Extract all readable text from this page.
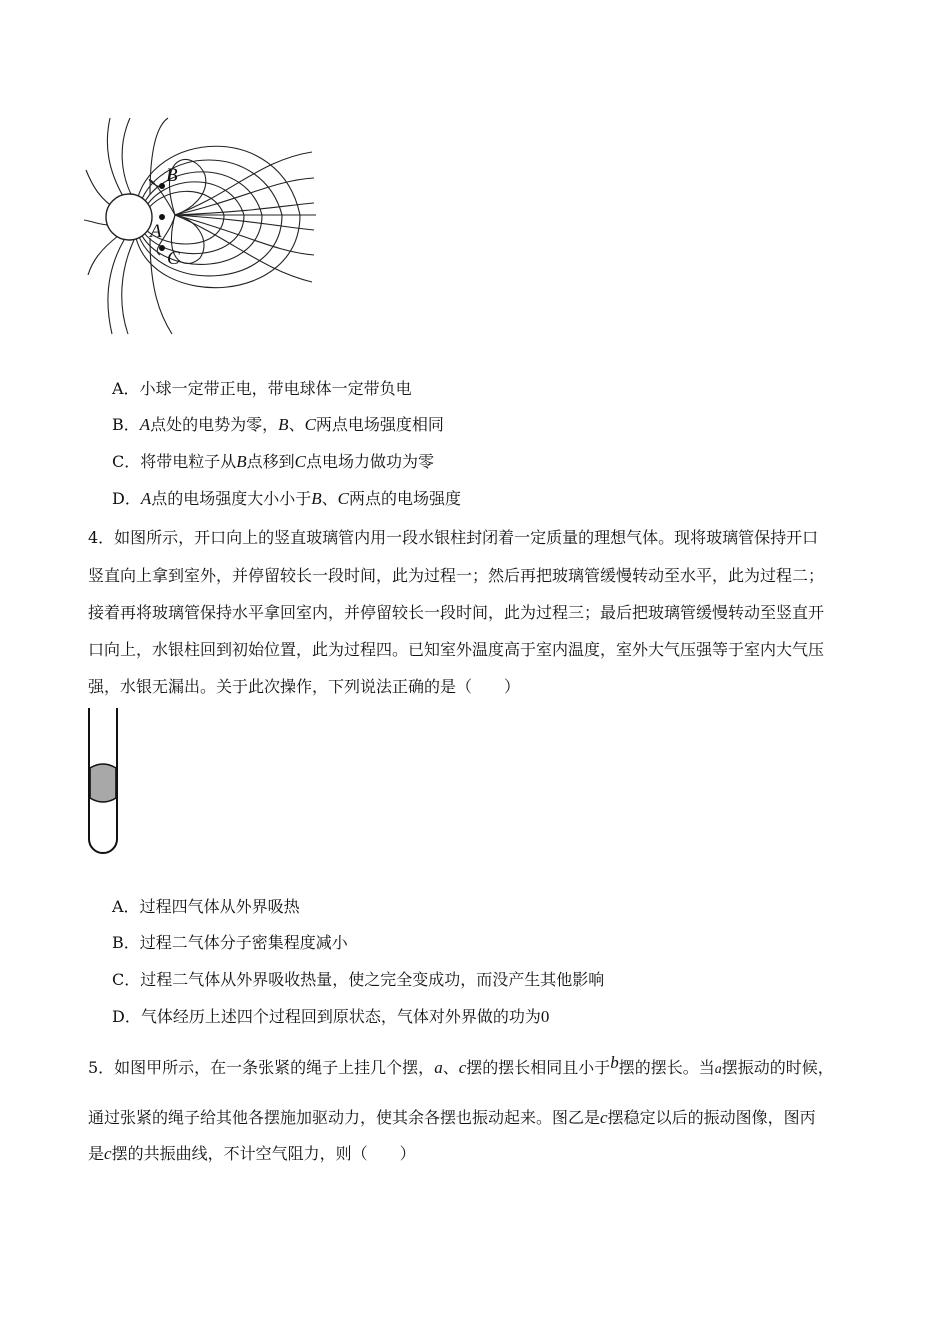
B
A
C
A．小球一定带正电，带电球体一定带负电
B．A点处的电势为零，B、C两点电场强度相同
C．将带电粒子从B点移到C点电场力做功为零
D．A点的电场强度大小小于B、C两点的电场强度
4．如图所示，开口向上的竖直玻璃管内用一段水银柱封闭着一定质量的理想气体。现将玻璃管保持开口
竖直向上拿到室外，并停留较长一段时间，此为过程一；然后再把玻璃管缓慢转动至水平，此为过程二；
接着再将玻璃管保持水平拿回室内，并停留较长一段时间，此为过程三；最后把玻璃管缓慢转动至竖直开
口向上，水银柱回到初始位置，此为过程四。已知室外温度高于室内温度，室外大气压强等于室内大气压
强，水银无漏出。关于此次操作，下列说法正确的是（　　）
A．过程四气体从外界吸热
B．过程二气体分子密集程度减小
C．过程二气体从外界吸收热量，使之完全变成功，而没产生其他影响
D．气体经历上述四个过程回到原状态，气体对外界做的功为0
5．如图甲所示，在一条张紧的绳子上挂几个摆，a、c摆的摆长相同且小于b摆的摆长。当a摆振动的时候，
通过张紧的绳子给其他各摆施加驱动力，使其余各摆也振动起来。图乙是c摆稳定以后的振动图像，图丙
是c摆的共振曲线，不计空气阻力，则（　　）
